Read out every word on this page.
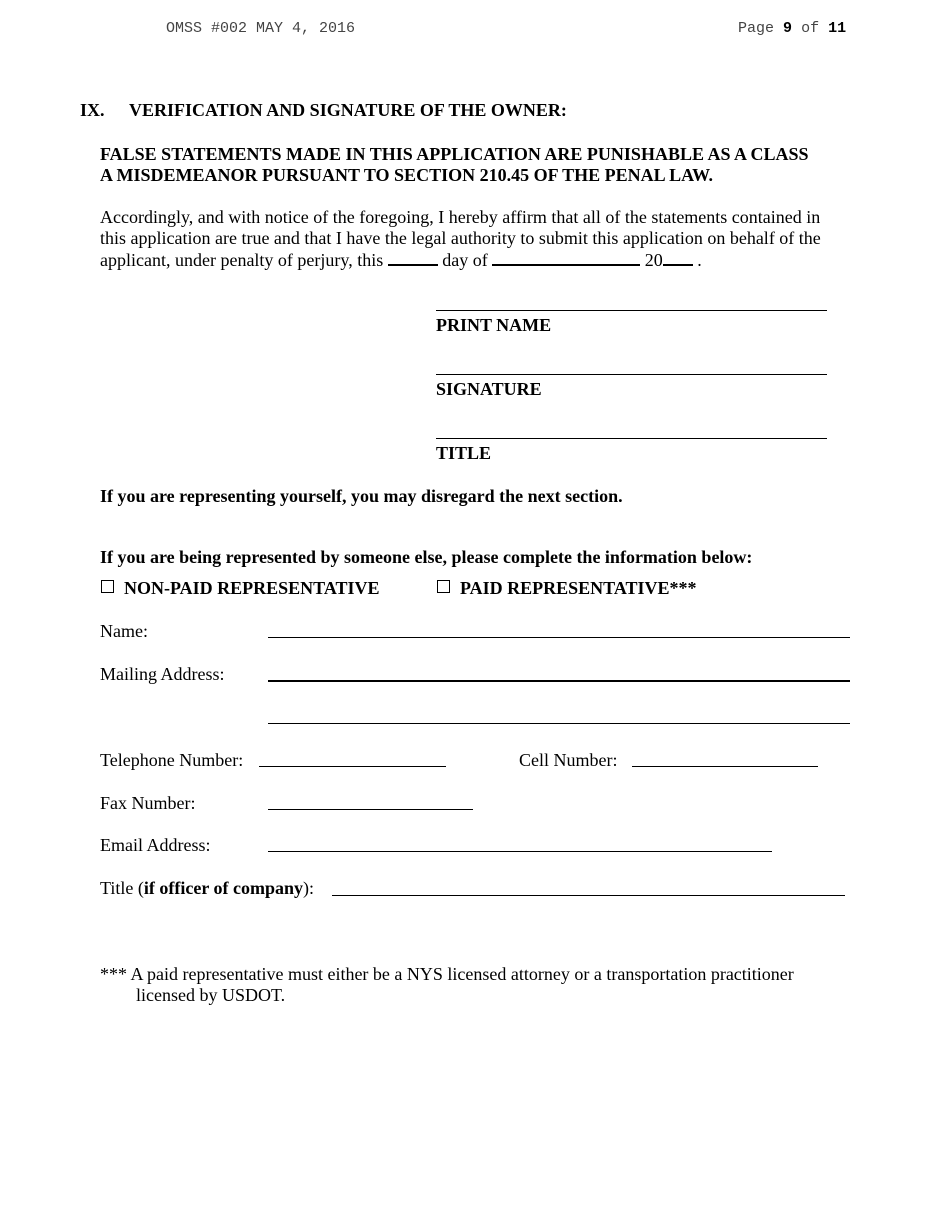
OMSS #002 MAY 4, 2016	Page 9 of 11
IX. VERIFICATION AND SIGNATURE OF THE OWNER:
FALSE STATEMENTS MADE IN THIS APPLICATION ARE PUNISHABLE AS A CLASS
A MISDEMEANOR PURSUANT TO SECTION 210.45 OF THE PENAL LAW.
Accordingly, and with notice of the foregoing, I hereby affirm that all of the statements contained in
this application are true and that I have the legal authority to submit this application on behalf of the
applicant, under penalty of perjury, this	day of	20 .
PRINT NAME
SIGNATURE
TITLE
If you are representing yourself, you may disregard the next section.
If you are being represented by someone else, please complete the information below:
NON-PAID REPRESENTATIVE	PAID REPRESENTATIVE***
Name:
Mailing Address:
Telephone Number:	Cell Number:
Fax Number:
Email Address:
Title (if officer of company):
*** A paid representative must either be a NYS licensed attorney or a transportation practitioner
licensed by USDOT.
